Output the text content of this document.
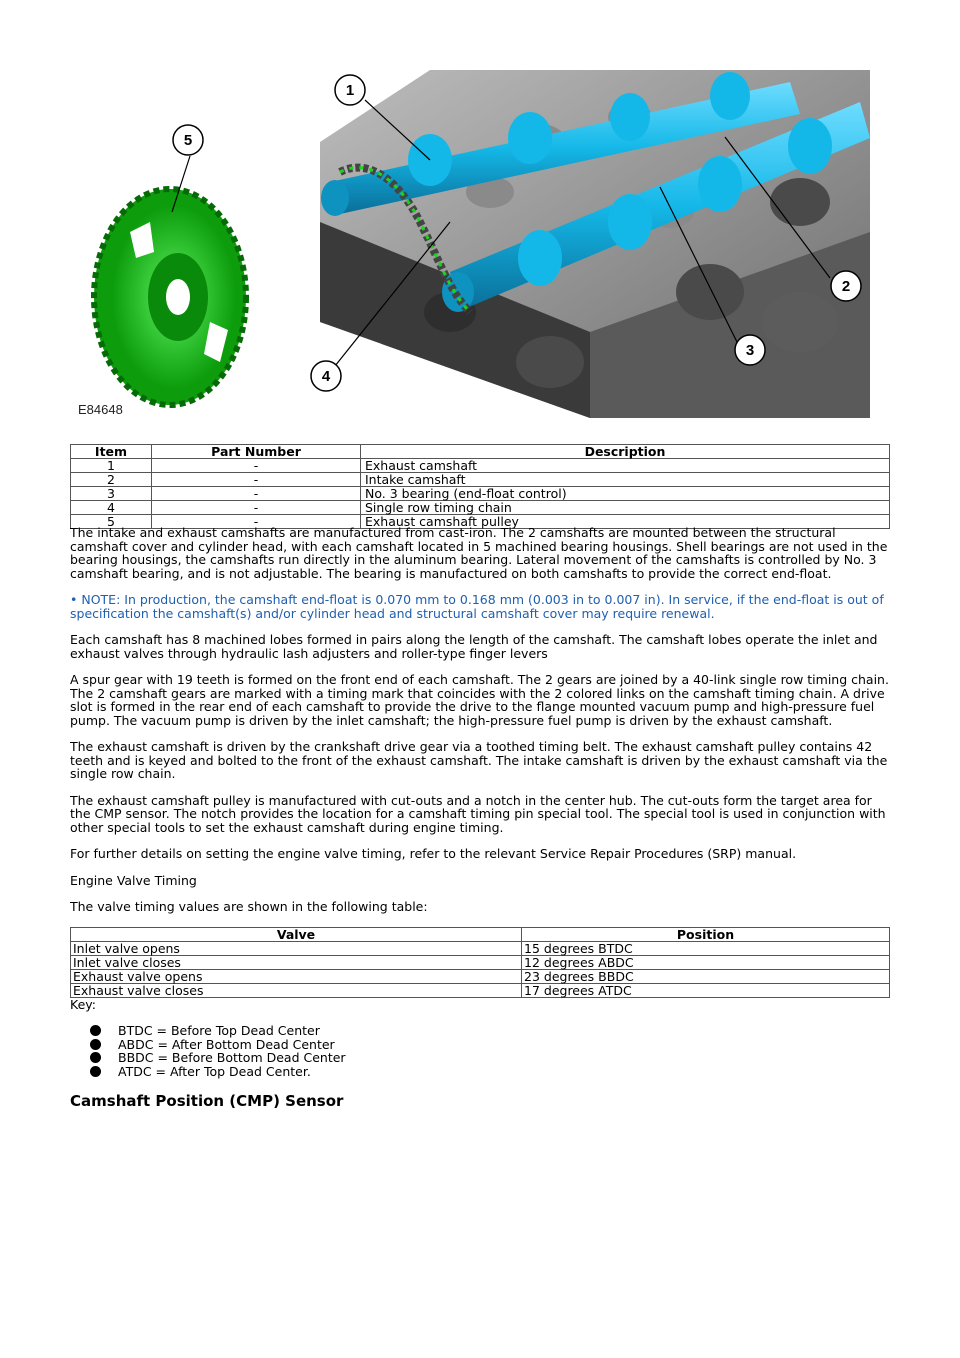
1
2
3
4
5
E84648
Item	Part Number	Description
1	-	Exhaust camshaft
2	-	Intake camshaft
3	-	No. 3 bearing (end-float control)
4	-	Single row timing chain
5	-	Exhaust camshaft pulley

The intake and exhaust camshafts are manufactured from cast-iron. The 2 camshafts are mounted between the structural camshaft cover and cylinder head, with each camshaft located in 5 machined bearing housings. Shell bearings are not used in the bearing housings, the camshafts run directly in the aluminum bearing. Lateral movement of the camshafts is controlled by No. 3 camshaft bearing, and is not adjustable. The bearing is manufactured on both camshafts to provide the correct end-float.

• NOTE: In production, the camshaft end-float is 0.070 mm to 0.168 mm (0.003 in to 0.007 in). In service, if the end-float is out of specification the camshaft(s) and/or cylinder head and structural camshaft cover may require renewal.

Each camshaft has 8 machined lobes formed in pairs along the length of the camshaft. The camshaft lobes operate the inlet and exhaust valves through hydraulic lash adjusters and roller-type finger levers

A spur gear with 19 teeth is formed on the front end of each camshaft. The 2 gears are joined by a 40-link single row timing chain. The 2 camshaft gears are marked with a timing mark that coincides with the 2 colored links on the camshaft timing chain. A drive slot is formed in the rear end of each camshaft to provide the drive to the flange mounted vacuum pump and high-pressure fuel pump. The vacuum pump is driven by the inlet camshaft; the high-pressure fuel pump is driven by the exhaust camshaft.

The exhaust camshaft is driven by the crankshaft drive gear via a toothed timing belt. The exhaust camshaft pulley contains 42 teeth and is keyed and bolted to the front of the exhaust camshaft. The intake camshaft is driven by the exhaust camshaft via the single row chain.

The exhaust camshaft pulley is manufactured with cut-outs and a notch in the center hub. The cut-outs form the target area for the CMP sensor. The notch provides the location for a camshaft timing pin special tool. The special tool is used in conjunction with other special tools to set the exhaust camshaft during engine timing.

For further details on setting the engine valve timing, refer to the relevant Service Repair Procedures (SRP) manual.

Engine Valve Timing

The valve timing values are shown in the following table:

Valve	Position
Inlet valve opens	15 degrees BTDC
Inlet valve closes	12 degrees ABDC
Exhaust valve opens	23 degrees BBDC
Exhaust valve closes	17 degrees ATDC

Key:

BTDC = Before Top Dead Center
ABDC = After Bottom Dead Center
BBDC = Before Bottom Dead Center
ATDC = After Top Dead Center.
Camshaft Position (CMP) Sensor
